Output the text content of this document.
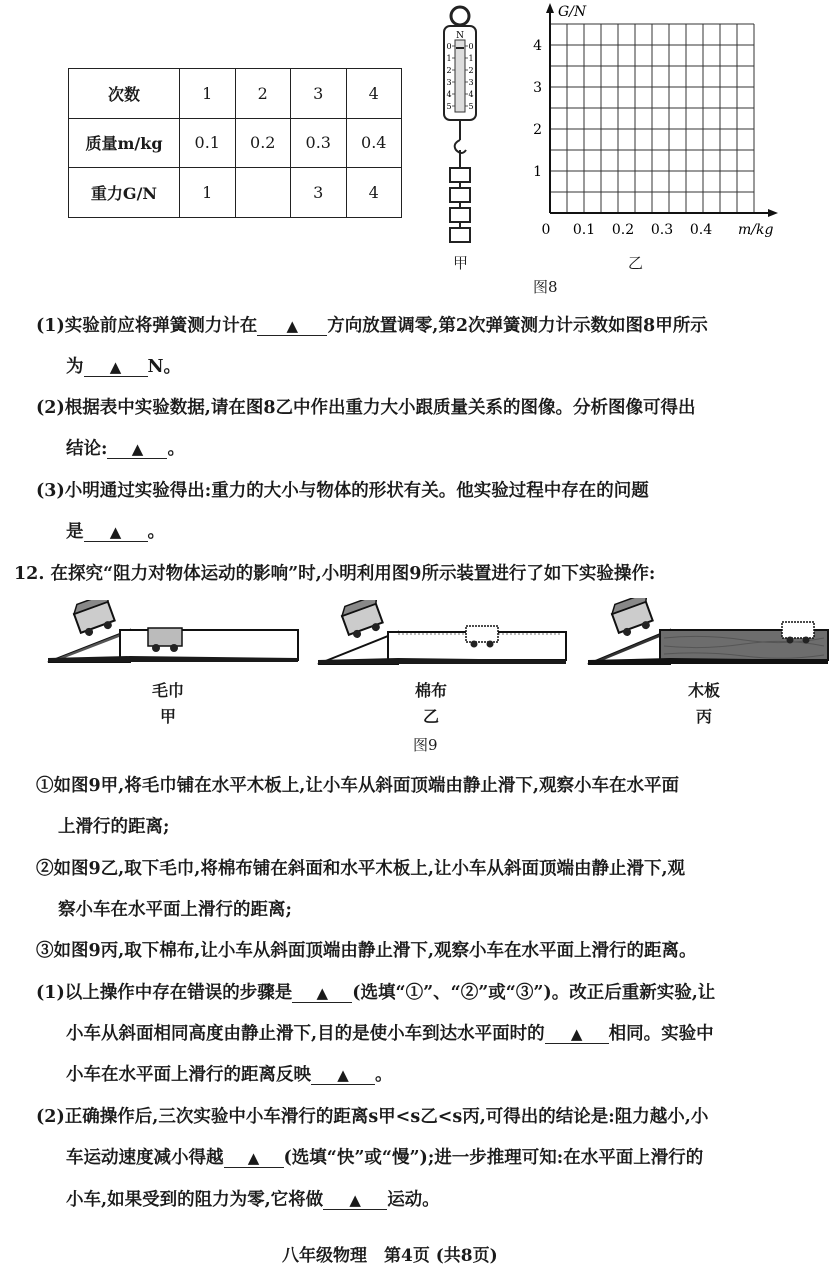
次数	1	2	3	4
质量m/kg	0.1	0.2	0.3	0.4
重力G/N	1		3	4
N
0
1
2
3
4
5
0
1
2
3
4
5
甲
G/N
1
2
3
4
0 0.1 0.2 0.3 0.4 m/kg
乙
图8
(1)实验前应将弹簧测力计在 ▲ 方向放置调零,第2次弹簧测力计示数如图8甲所示
为 ▲ N。
(2)根据表中实验数据,请在图8乙中作出重力大小跟质量关系的图像。分析图像可得出
结论: ▲ 。
(3)小明通过实验得出:重力的大小与物体的形状有关。他实验过程中存在的问题
是 ▲ 。
12. 在探究“阻力对物体运动的影响”时,小明利用图9所示装置进行了如下实验操作:
毛巾
甲
棉布
乙
木板
丙
图9
①如图9甲,将毛巾铺在水平木板上,让小车从斜面顶端由静止滑下,观察小车在水平面
上滑行的距离;
②如图9乙,取下毛巾,将棉布铺在斜面和水平木板上,让小车从斜面顶端由静止滑下,观
察小车在水平面上滑行的距离;
③如图9丙,取下棉布,让小车从斜面顶端由静止滑下,观察小车在水平面上滑行的距离。
(1)以上操作中存在错误的步骤是 ▲ (选填“①”、“②”或“③”)。改正后重新实验,让
小车从斜面相同高度由静止滑下,目的是使小车到达水平面时的 ▲ 相同。实验中
小车在水平面上滑行的距离反映 ▲ 。
(2)正确操作后,三次实验中小车滑行的距离s甲<s乙<s丙,可得出的结论是:阻力越小,小
车运动速度减小得越 ▲ (选填“快”或“慢”);进一步推理可知:在水平面上滑行的
小车,如果受到的阻力为零,它将做 ▲ 运动。
八年级物理　第4页 (共8页)
